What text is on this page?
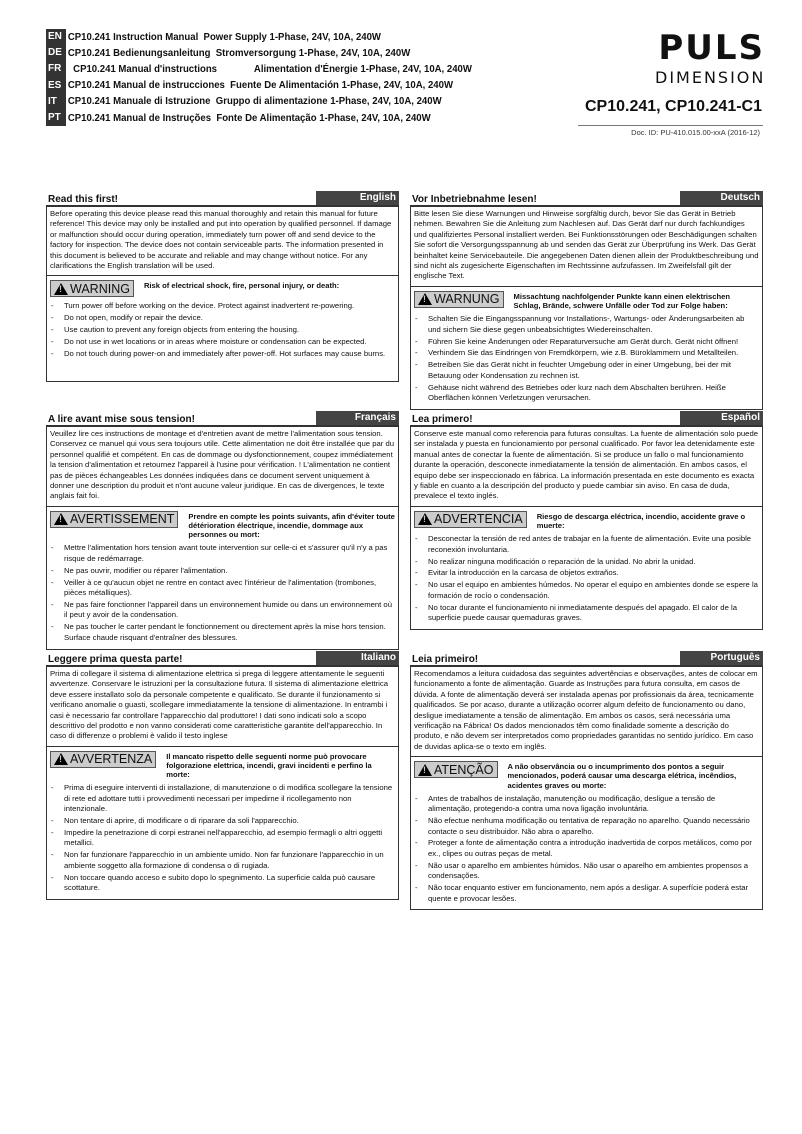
EN CP10.241 Instruction Manual  Power Supply 1-Phase, 24V, 10A, 240W
DE CP10.241 Bedienungsanleitung  Stromversorgung 1-Phase, 24V, 10A, 240W
FR CP10.241 Manual d'instructions              Alimentation d'Énergie 1-Phase, 24V, 10A, 240W
ES CP10.241 Manual de instrucciones  Fuente De Alimentación 1-Phase, 24V, 10A, 240W
IT	CP10.241 Manuale di Istruzione  Gruppo di alimentazione 1-Phase, 24V, 10A, 240W
PT CP10.241 Manual de Instruções  Fonte De Alimentação 1-Phase, 24V, 10A, 240W
PULS
DIMENSION
CP10.241, CP10.241-C1
Doc. ID: PU-410.015.00-xxA (2016-12)
Read this first!	English
Before operating this device please read this manual thoroughly and retain this manual for future reference! This device may only be installed and put into operation by qualified personnel. If damage or malfunction should occur during operation, immediately turn power off and send device to the factory for inspection. The device does not contain serviceable parts. The information presented in this document is believed to be accurate and reliable and may change without notice. For any clarifications the English translation will be used.
! WARNING Risk of electrical shock, fire, personal injury, or death:
- Turn power off before working on the device. Protect against inadvertent re-powering.
- Do not open, modify or repair the device.
- Use caution to prevent any foreign objects from entering the housing.
- Do not use in wet locations or in areas where moisture or condensation can be expected.
- Do not touch during power-on and immediately after power-off. Hot surfaces may cause burns.
Vor Inbetriebnahme lesen!	Deutsch
Bitte lesen Sie diese Warnungen und Hinweise sorgfältig durch, bevor Sie das Gerät in Betrieb nehmen. Bewahren Sie die Anleitung zum Nachlesen auf. Das Gerät darf nur durch fachkundiges und qualifiziertes Personal installiert werden. Bei Funktionsstörungen oder Beschädigungen schalten Sie sofort die Versorgungsspannung ab und senden das Gerät zur Überprüfung ins Werk. Das Gerät beinhaltet keine Servicebauteile. Die angegebenen Daten dienen allein der Produktbeschreibung und sind nicht als zugesicherte Eigenschaften im Rechtssinne aufzufassen. Im Zweifelsfall gilt der englische Text.
! WARNUNG Missachtung nachfolgender Punkte kann einen elektrischen Schlag, Brände, schwere Unfälle oder Tod zur Folge haben:
- Schalten Sie die Eingangsspannung vor Installations-, Wartungs- oder Änderungsarbeiten ab und sichern Sie diese gegen unbeabsichtigtes Wiedereinschalten.
- Führen Sie keine Änderungen oder Reparaturversuche am Gerät durch. Gerät nicht öffnen!
- Verhindern Sie das Eindringen von Fremdkörpern, wie z.B. Büroklammern und Metallteilen.
- Betreiben Sie das Gerät nicht in feuchter Umgebung oder in einer Umgebung, bei der mit Betauung oder Kondensation zu rechnen ist.
- Gehäuse nicht während des Betriebes oder kurz nach dem Abschalten berühren. Heiße Oberflächen können Verletzungen verursachen.
A lire avant mise sous tension!	Français
Veuillez lire ces instructions de montage et d'entretien avant de mettre l'alimentation sous tension. Conservez ce manuel qui vous sera toujours utile. Cette alimentation ne doit être installée que par du personnel qualifié et compétent. En cas de dommage ou dysfonctionnement, coupez immédiatement la tension d'alimentation et retournez l'appareil à l'usine pour vérification. ! L'alimentation ne contient pas de pièces échangeables Les données indiquées dans ce document servent uniquement à donner une description du produit et n'ont aucune valeur juridique. En cas de divergences, le texte anglais fait foi.
! AVERTISSEMENT Prendre en compte les points suivants, afin d'éviter toute détérioration électrique, incendie, dommage aux personnes ou mort:
- Mettre l'alimentation hors tension avant toute intervention sur celle-ci et s'assurer qu'il n'y a pas risque de redémarrage.
- Ne pas ouvrir, modifier ou réparer l'alimentation.
- Veiller à ce qu'aucun objet ne rentre en contact avec l'intérieur de l'alimentation (trombones, pièces métalliques).
- Ne pas faire fonctionner l'appareil dans un environnement humide ou dans un environnement où il peut y avoir de la condensation.
- Ne pas toucher le carter pendant le fonctionnement ou directement après la mise hors tension. Surface chaude risquant d'entraîner des blessures.
Lea primero!	Español
Conserve este manual como referencia para futuras consultas. La fuente de alimentación solo puede ser instalada y puesta en funcionamiento por personal cualificado. Por favor lea detenidamente este manual antes de conectar la fuente de alimentación. Si se produce un fallo o mal funcionamiento durante la operación, desconecte inmediatamente la tensión de alimentación. En ambos casos, el equipo debe ser inspeccionado en fábrica. La información presentada en este documento es exacta y fiable en cuanto a la descripción del producto y puede cambiar sin aviso. En casa de duda, prevalece el texto inglés.
! ADVERTENCIA Riesgo de descarga eléctrica, incendio, accidente grave o muerte:
- Desconectar la tensión de red antes de trabajar en la fuente de alimentación. Evite una posible reconexión involuntaria.
- No realizar ninguna modificación o reparación de la unidad. No abrir la unidad.
- Evitar la introducción en la carcasa de objetos extraños.
- No usar el equipo en ambientes húmedos. No operar el equipo en ambientes donde se espere la formación de rocío o condensación.
- No tocar durante el funcionamiento ni inmediatamente después del apagado. El calor de la superficie puede causar quemaduras graves.
Leggere prima questa parte!	Italiano
Prima di collegare il sistema di alimentazione elettrica si prega di leggere attentamente le seguenti avvertenze. Conservare le istruzioni per la consultazione futura. Il sistema di alimentazione elettrica deve essere installato solo da personale competente e qualificato. Se durante il funzionamento si verificano anomalie o guasti, scollegare immediatamente la tensione di alimentazione. In entrambi i casi è necessario far controllare l'apparecchio dal produttore! I dati sono indicati solo a scopo descrittivo del prodotto e non vanno considerati come caratteristiche garantite dell'apparecchio. In caso di differenze o problemi è valido il testo inglese
! AVVERTENZA Il mancato rispetto delle seguenti norme può provocare folgorazione elettrica, incendi, gravi incidenti e perfino la morte:
- Prima di eseguire interventi di installazione, di manutenzione o di modifica scollegare la tensione di rete ed adottare tutti i provvedimenti necessari per impedirne il ricollegamento non intenzionale.
- Non tentare di aprire, di modificare o di riparare da soli l'apparecchio.
- Impedire la penetrazione di corpi estranei nell'apparecchio, ad esempio fermagli o altri oggetti metallici.
- Non far funzionare l'apparecchio in un ambiente umido. Non far funzionare l'apparecchio in un ambiente soggetto alla formazione di condensa o di rugiada.
- Non toccare quando acceso e subito dopo lo spegnimento. La superficie calda può causare scottature.
Leia primeiro!	Português
Recomendamos a leitura cuidadosa das seguintes advertências e observações, antes de colocar em funcionamento a fonte de alimentação. Guarde as Instruções para futura consulta, em casos de dúvida. A fonte de alimentação deverá ser instalada apenas por profissionais da área, tecnicamente qualificados. Se por acaso, durante a utilização ocorrer algum defeito de funcionamento ou dano, desligue imediatamente a tensão de alimentação. Em ambos os casos, será necessária uma verificação na Fábrica! Os dados mencionados têm como finalidade somente a descrição do produto, e não devem ser interpretados como propriedades garantidas no sentido jurídico. Em caso de duvidas aplica-se o texto em inglês.
! ATENÇÃO A não observância ou o incumprimento dos pontos a seguir mencionados, poderá causar uma descarga elétrica, incêndios, acidentes graves ou morte:
- Antes de trabalhos de instalação, manutenção ou modificação, desligue a tensão de alimentação, protegendo-a contra uma nova ligação involuntária.
- Não efectue nenhuma modificação ou tentativa de reparação no aparelho. Quando necessário contacte o seu distribuidor. Não abra o aparelho.
- Proteger a fonte de alimentação contra a introdução inadvertida de corpos metálicos, como por ex., clipes ou outras peças de metal.
- Não usar o aparelho em ambientes húmidos. Não usar o aparelho em ambientes propensos a condensações.
- Não tocar enquanto estiver em funcionamento, nem após a desligar. A superfície poderá estar quente e provocar lesões.
